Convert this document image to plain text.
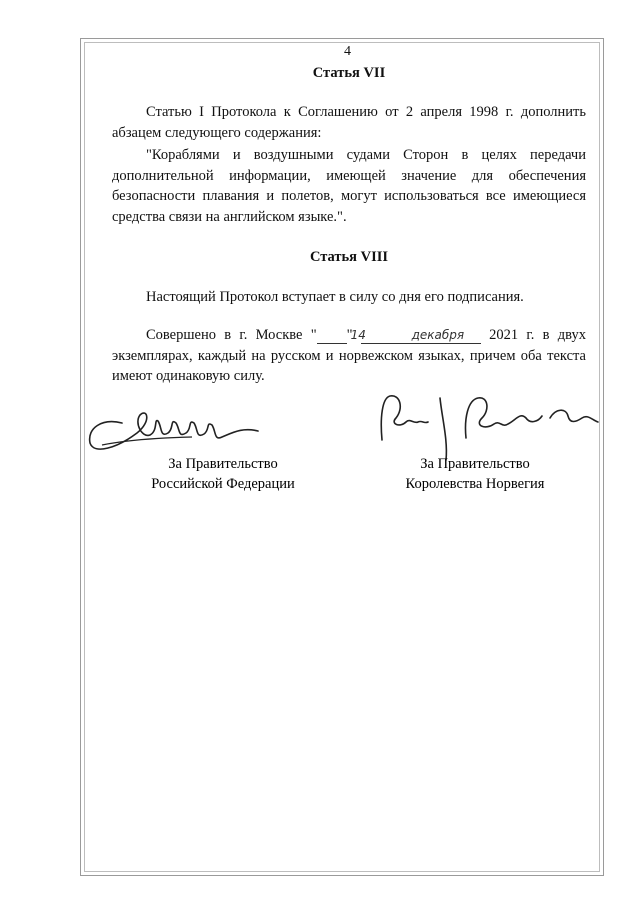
4
Статья VII
Статью I Протокола к Соглашению от 2 апреля 1998 г. дополнить абзацем следующего содержания:
"Кораблями и воздушными судами Сторон в целях передачи дополнительной информации, имеющей значение для обеспечения безопасности плавания и полетов, могут использоваться все имеющиеся средства связи на английском языке.".
Статья VIII
Настоящий Протокол вступает в силу со дня его подписания.
Совершено в г. Москве "	14"	декабря 2021 г. в двух экземплярах, каждый на русском и норвежском языках, причем оба текста имеют одинаковую силу.
За Правительство
Российской Федерации
За Правительство
Королевства Норвегия
